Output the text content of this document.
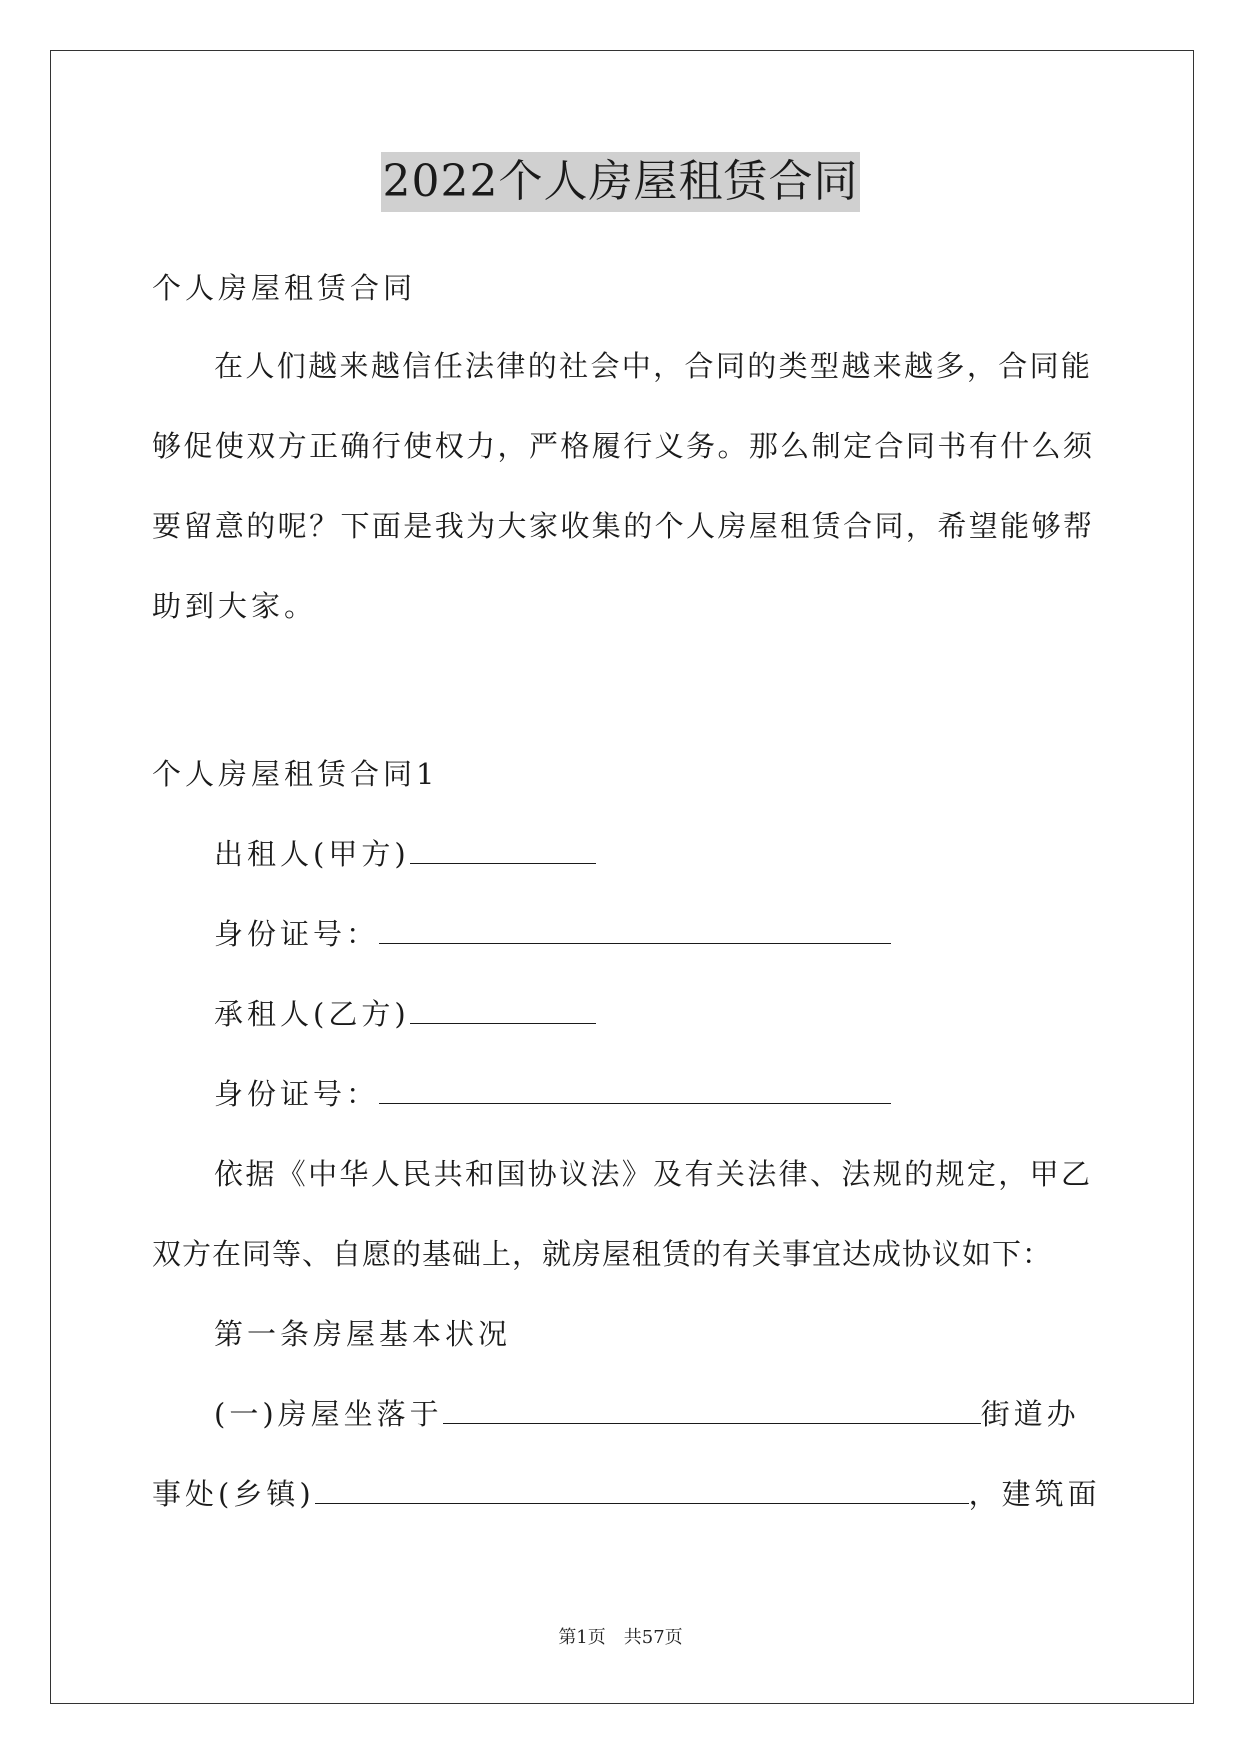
2022个人房屋租赁合同
个人房屋租赁合同
在人们越来越信任法律的社会中，合同的类型越来越多，合同能
够促使双方正确行使权力，严格履行义务。那么制定合同书有什么须
要留意的呢？下面是我为大家收集的个人房屋租赁合同，希望能够帮
助到大家。
个人房屋租赁合同1
出租人(甲方)
身份证号：
承租人(乙方)
身份证号：
依据《中华人民共和国协议法》及有关法律、法规的规定，甲乙
双方在同等、自愿的基础上，就房屋租赁的有关事宜达成协议如下：
第一条房屋基本状况
(一)房屋坐落于	街道办
事处(乡镇)	，建筑面
第1页　共57页
